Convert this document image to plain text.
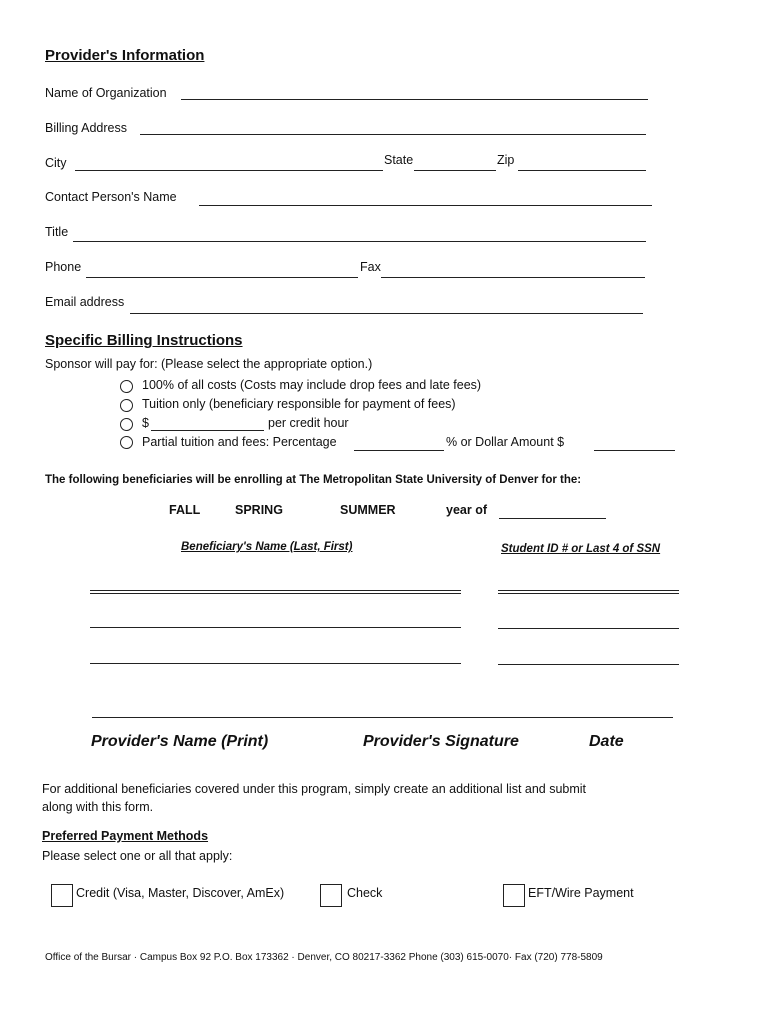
Provider's Information
Name of Organization
Billing Address
City	State	Zip
Contact Person's Name
Title
Phone	Fax
Email address
Specific Billing Instructions
Sponsor will pay for: (Please select the appropriate option.)
100% of all costs (Costs may include drop fees and late fees)
Tuition only (beneficiary responsible for payment of fees)
$	per credit hour
Partial tuition and fees: Percentage	% or Dollar Amount $
The following beneficiaries will be enrolling at The Metropolitan State University of Denver for the:
FALL	SPRING	SUMMER	year of
Beneficiary's Name (Last, First)	Student ID # or Last 4 of SSN
Provider's Name (Print)	Provider's Signature	Date
For additional beneficiaries covered under this program, simply create an additional list and submit
along with this form.
Preferred Payment Methods
Please select one or all that apply:
Credit (Visa, Master, Discover, AmEx)	Check	EFT/Wire Payment
Office of the Bursar · Campus Box 92 P.O. Box 173362 · Denver, CO 80217-3362 Phone (303) 615-0070· Fax (720) 778-5809
